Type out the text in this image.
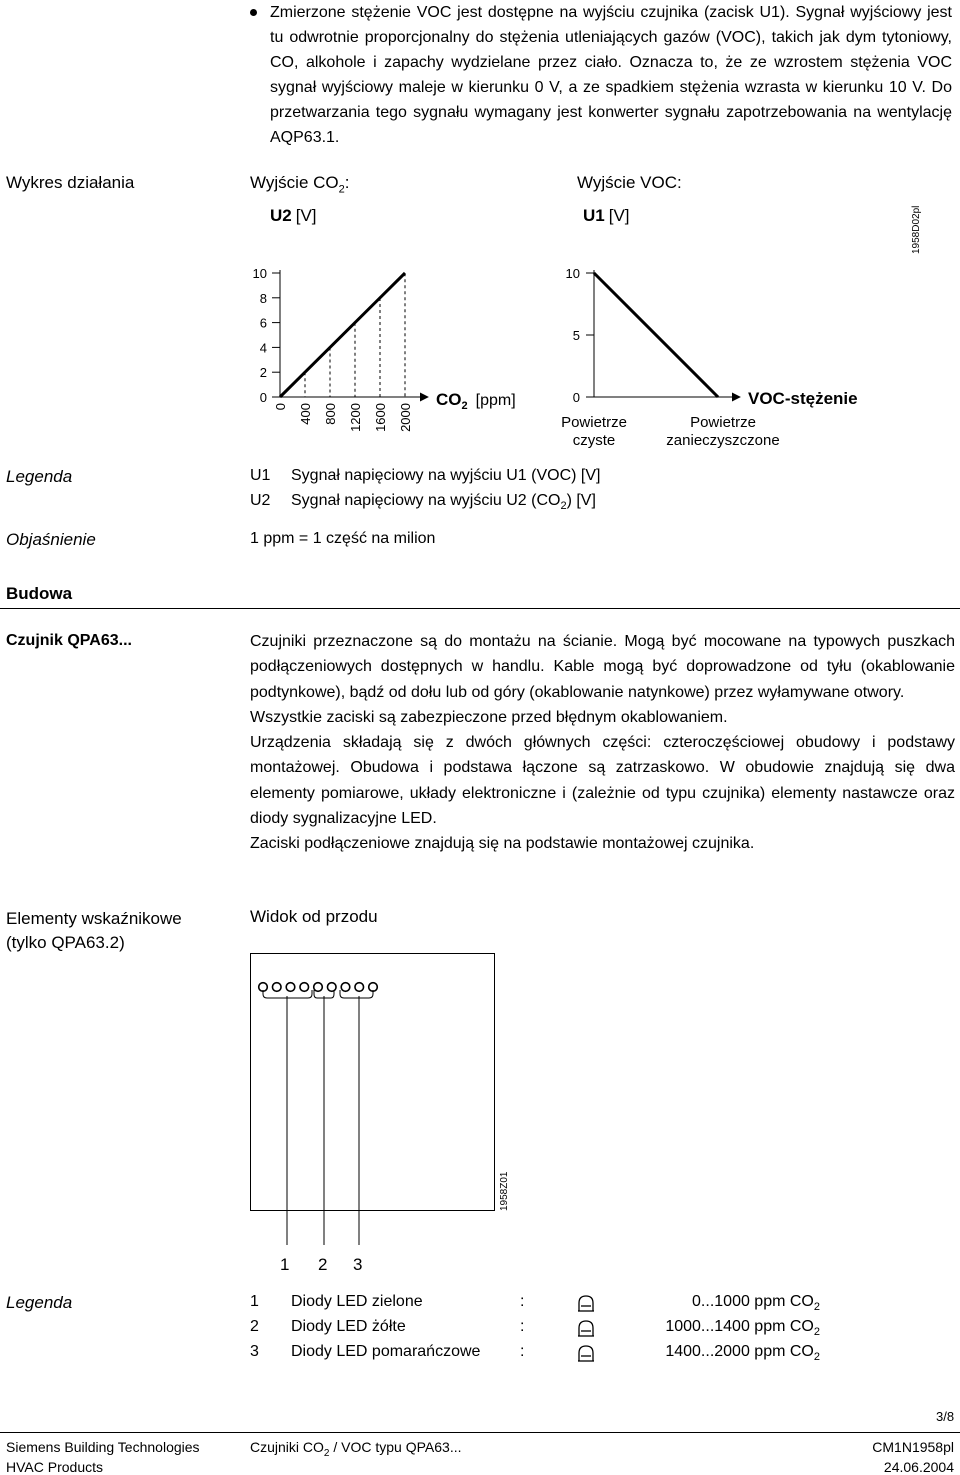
Zmierzone stężenie VOC jest dostępne na wyjściu czujnika (zacisk U1). Sygnał wyjściowy jest tu odwrotnie proporcjonalny do stężenia utleniających gazów (VOC), takich jak dym tytoniowy, CO, alkohole i zapachy wydzielane przez ciało. Oznacza to, że ze wzrostem stężenia VOC sygnał wyjściowy maleje w kierunku 0 V, a ze spadkiem stężenia wzrasta w kierunku 10 V. Do przetwarzania tego sygnału wymagany jest konwerter sygnału zapotrzebowania na wentylację AQP63.1.
Wykres działania	Wyjście $CO_2$:	Wyjście VOC:
1958D02pl
U2 [V]
10
8
6
4
2
0
0 400 800 1200 1600 2000
$CO_2$ [ppm]
U1 [V]
10
5
0	VOC-stężenie
Powietrze
czyste
Powietrze
zanieczyszczone
Legenda	U1 Sygnał napięciowy na wyjściu U1 (VOC) [V]
U2 Sygnał napięciowy na wyjściu U2 $(CO_2)$ [V]
Objaśnienie	1 ppm = 1 część na milion
Budowa
Czujnik QPA63...	Czujniki przeznaczone są do montażu na ścianie. Mogą być mocowane na typowych puszkach podłączeniowych dostępnych w handlu. Kable mogą być doprowadzone od tyłu (okablowanie podtynkowe), bądź od dołu lub od góry (okablowanie natynkowe) przez wyłamywane otwory.
Wszystkie zaciski są zabezpieczone przed błędnym okablowaniem.
Urządzenia składają się z dwóch głównych części: czteroczęściowej obudowy i podstawy montażowej. Obudowa i podstawa łączone są zatrzaskowo. W obudowie znajdują się dwa elementy pomiarowe, układy elektroniczne i (zależnie od typu czujnika) elementy nastawcze oraz diody sygnalizacyjne LED.
Zaciski podłączeniowe znajdują się na podstawie montażowej czujnika.
Elementy wskaźnikowe
(tylko QPA63.2)
Widok od przodu
1958Z01
1 2 3
Legenda	1 Diody LED zielone	:	0...1000 ppm $CO_2$
2 Diody LED żółte	:	1000...1400 ppm $CO_2$
3 Diody LED pomarańczowe :	1400...2000 ppm $CO_2$
3/8
Siemens Building Technologies
HVAC Products
Czujniki $CO_2$ / VOC typu QPA63...	CM1N1958pl
24.06.2004
